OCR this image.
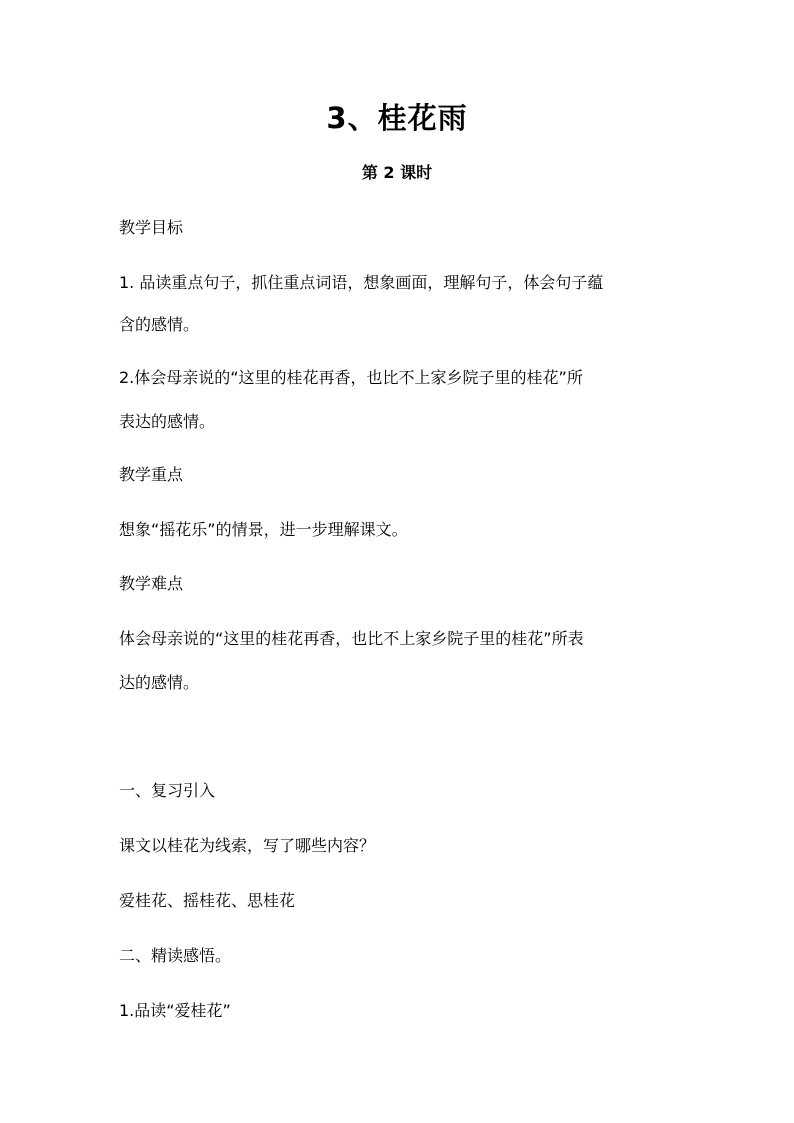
3、桂花雨
第 2 课时
教学目标
1. 品读重点句子，抓住重点词语，想象画面，理解句子，体会句子蕴
含的感情。
2.体会母亲说的“这里的桂花再香，也比不上家乡院子里的桂花”所
表达的感情。
教学重点
想象“摇花乐”的情景，进一步理解课文。
教学难点
体会母亲说的“这里的桂花再香，也比不上家乡院子里的桂花”所表
达的感情。
一、复习引入
课文以桂花为线索，写了哪些内容？
爱桂花、摇桂花、思桂花
二、精读感悟。
1.品读“爱桂花”
